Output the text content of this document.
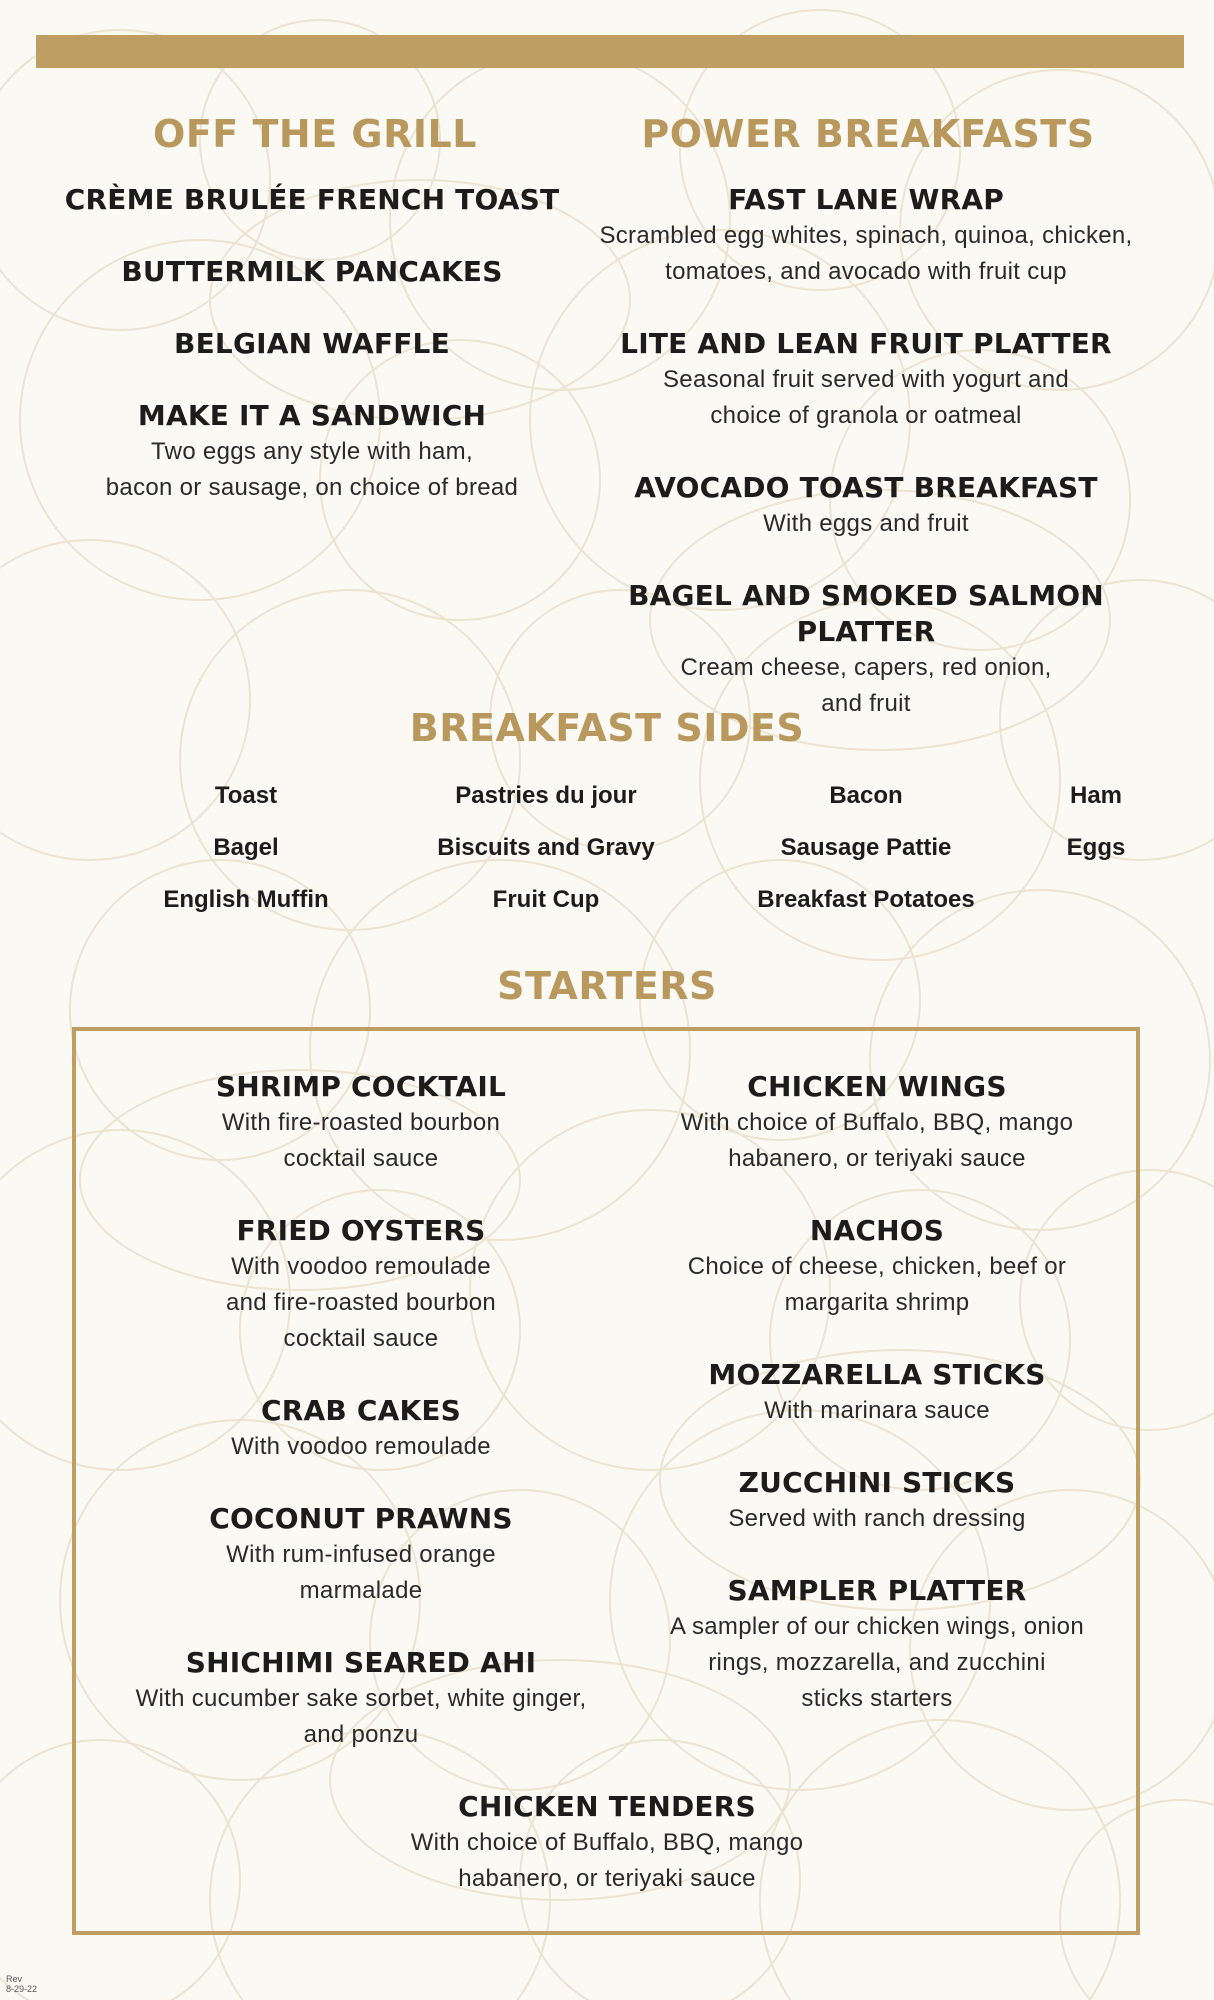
OFF THE GRILL	POWER BREAKFASTS
CRÈME BRULÉE FRENCH TOAST
BUTTERMILK PANCAKES
BELGIAN WAFFLE
MAKE IT A SANDWICH
Two eggs any style with ham,
bacon or sausage, on choice of bread
FAST LANE WRAP
Scrambled egg whites, spinach, quinoa, chicken,
tomatoes, and avocado with fruit cup
LITE AND LEAN FRUIT PLATTER
Seasonal fruit served with yogurt and
choice of granola or oatmeal
AVOCADO TOAST BREAKFAST
With eggs and fruit
BAGEL AND SMOKED SALMON PLATTER
Cream cheese, capers, red onion,
and fruit
BREAKFAST SIDES
Toast
Bagel
English Muffin
Pastries du jour
Biscuits and Gravy
Fruit Cup
Bacon
Sausage Pattie
Breakfast Potatoes
Ham
Eggs
STARTERS
SHRIMP COCKTAIL
With fire-roasted bourbon
cocktail sauce
FRIED OYSTERS
With voodoo remoulade
and fire-roasted bourbon
cocktail sauce
CRAB CAKES
With voodoo remoulade
COCONUT PRAWNS
With rum-infused orange
marmalade
SHICHIMI SEARED AHI
With cucumber sake sorbet, white ginger,
and ponzu
CHICKEN WINGS
With choice of Buffalo, BBQ, mango
habanero, or teriyaki sauce
NACHOS
Choice of cheese, chicken, beef or
margarita shrimp
MOZZARELLA STICKS
With marinara sauce
ZUCCHINI STICKS
Served with ranch dressing
SAMPLER PLATTER
A sampler of our chicken wings, onion
rings, mozzarella, and zucchini
sticks starters
CHICKEN TENDERS
With choice of Buffalo, BBQ, mango
habanero, or teriyaki sauce
Rev
8-29-22
